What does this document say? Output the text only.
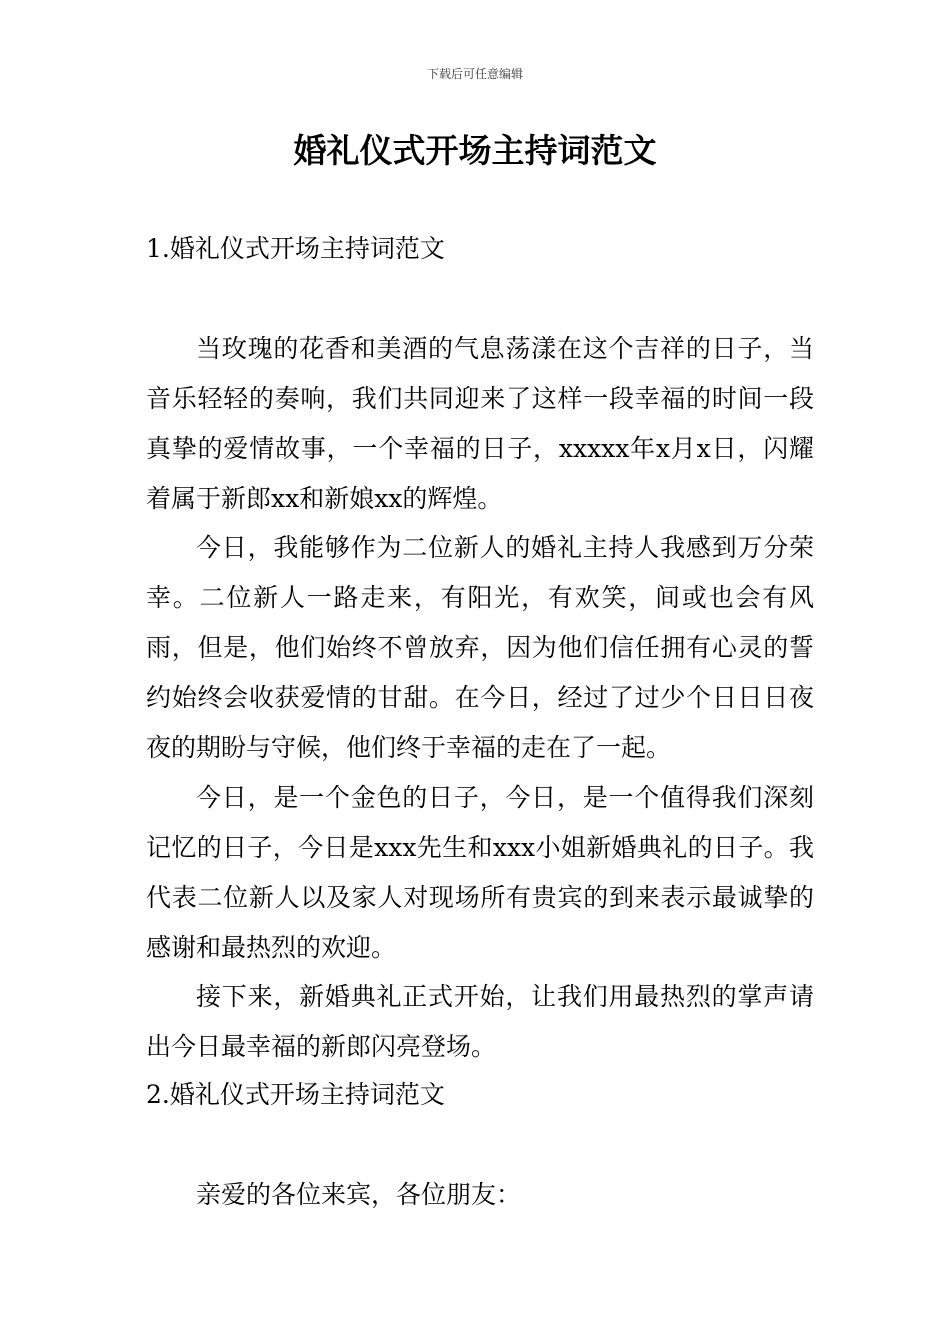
下载后可任意编辑
婚礼仪式开场主持词范文
1.婚礼仪式开场主持词范文

当玫瑰的花香和美酒的气息荡漾在这个吉祥的日子，当音乐轻轻的奏响，我们共同迎来了这样一段幸福的时间一段真挚的爱情故事，一个幸福的日子，xxxxx年x月x日，闪耀着属于新郎xx和新娘xx的辉煌。

今日，我能够作为二位新人的婚礼主持人我感到万分荣幸。二位新人一路走来，有阳光，有欢笑，间或也会有风雨，但是，他们始终不曾放弃，因为他们信任拥有心灵的誓约始终会收获爱情的甘甜。在今日，经过了过少个日日日夜夜的期盼与守候，他们终于幸福的走在了一起。

今日，是一个金色的日子，今日，是一个值得我们深刻记忆的日子，今日是xxx先生和xxx小姐新婚典礼的日子。我代表二位新人以及家人对现场所有贵宾的到来表示最诚挚的感谢和最热烈的欢迎。

接下来，新婚典礼正式开始，让我们用最热烈的掌声请出今日最幸福的新郎闪亮登场。

2.婚礼仪式开场主持词范文

亲爱的各位来宾，各位朋友：
